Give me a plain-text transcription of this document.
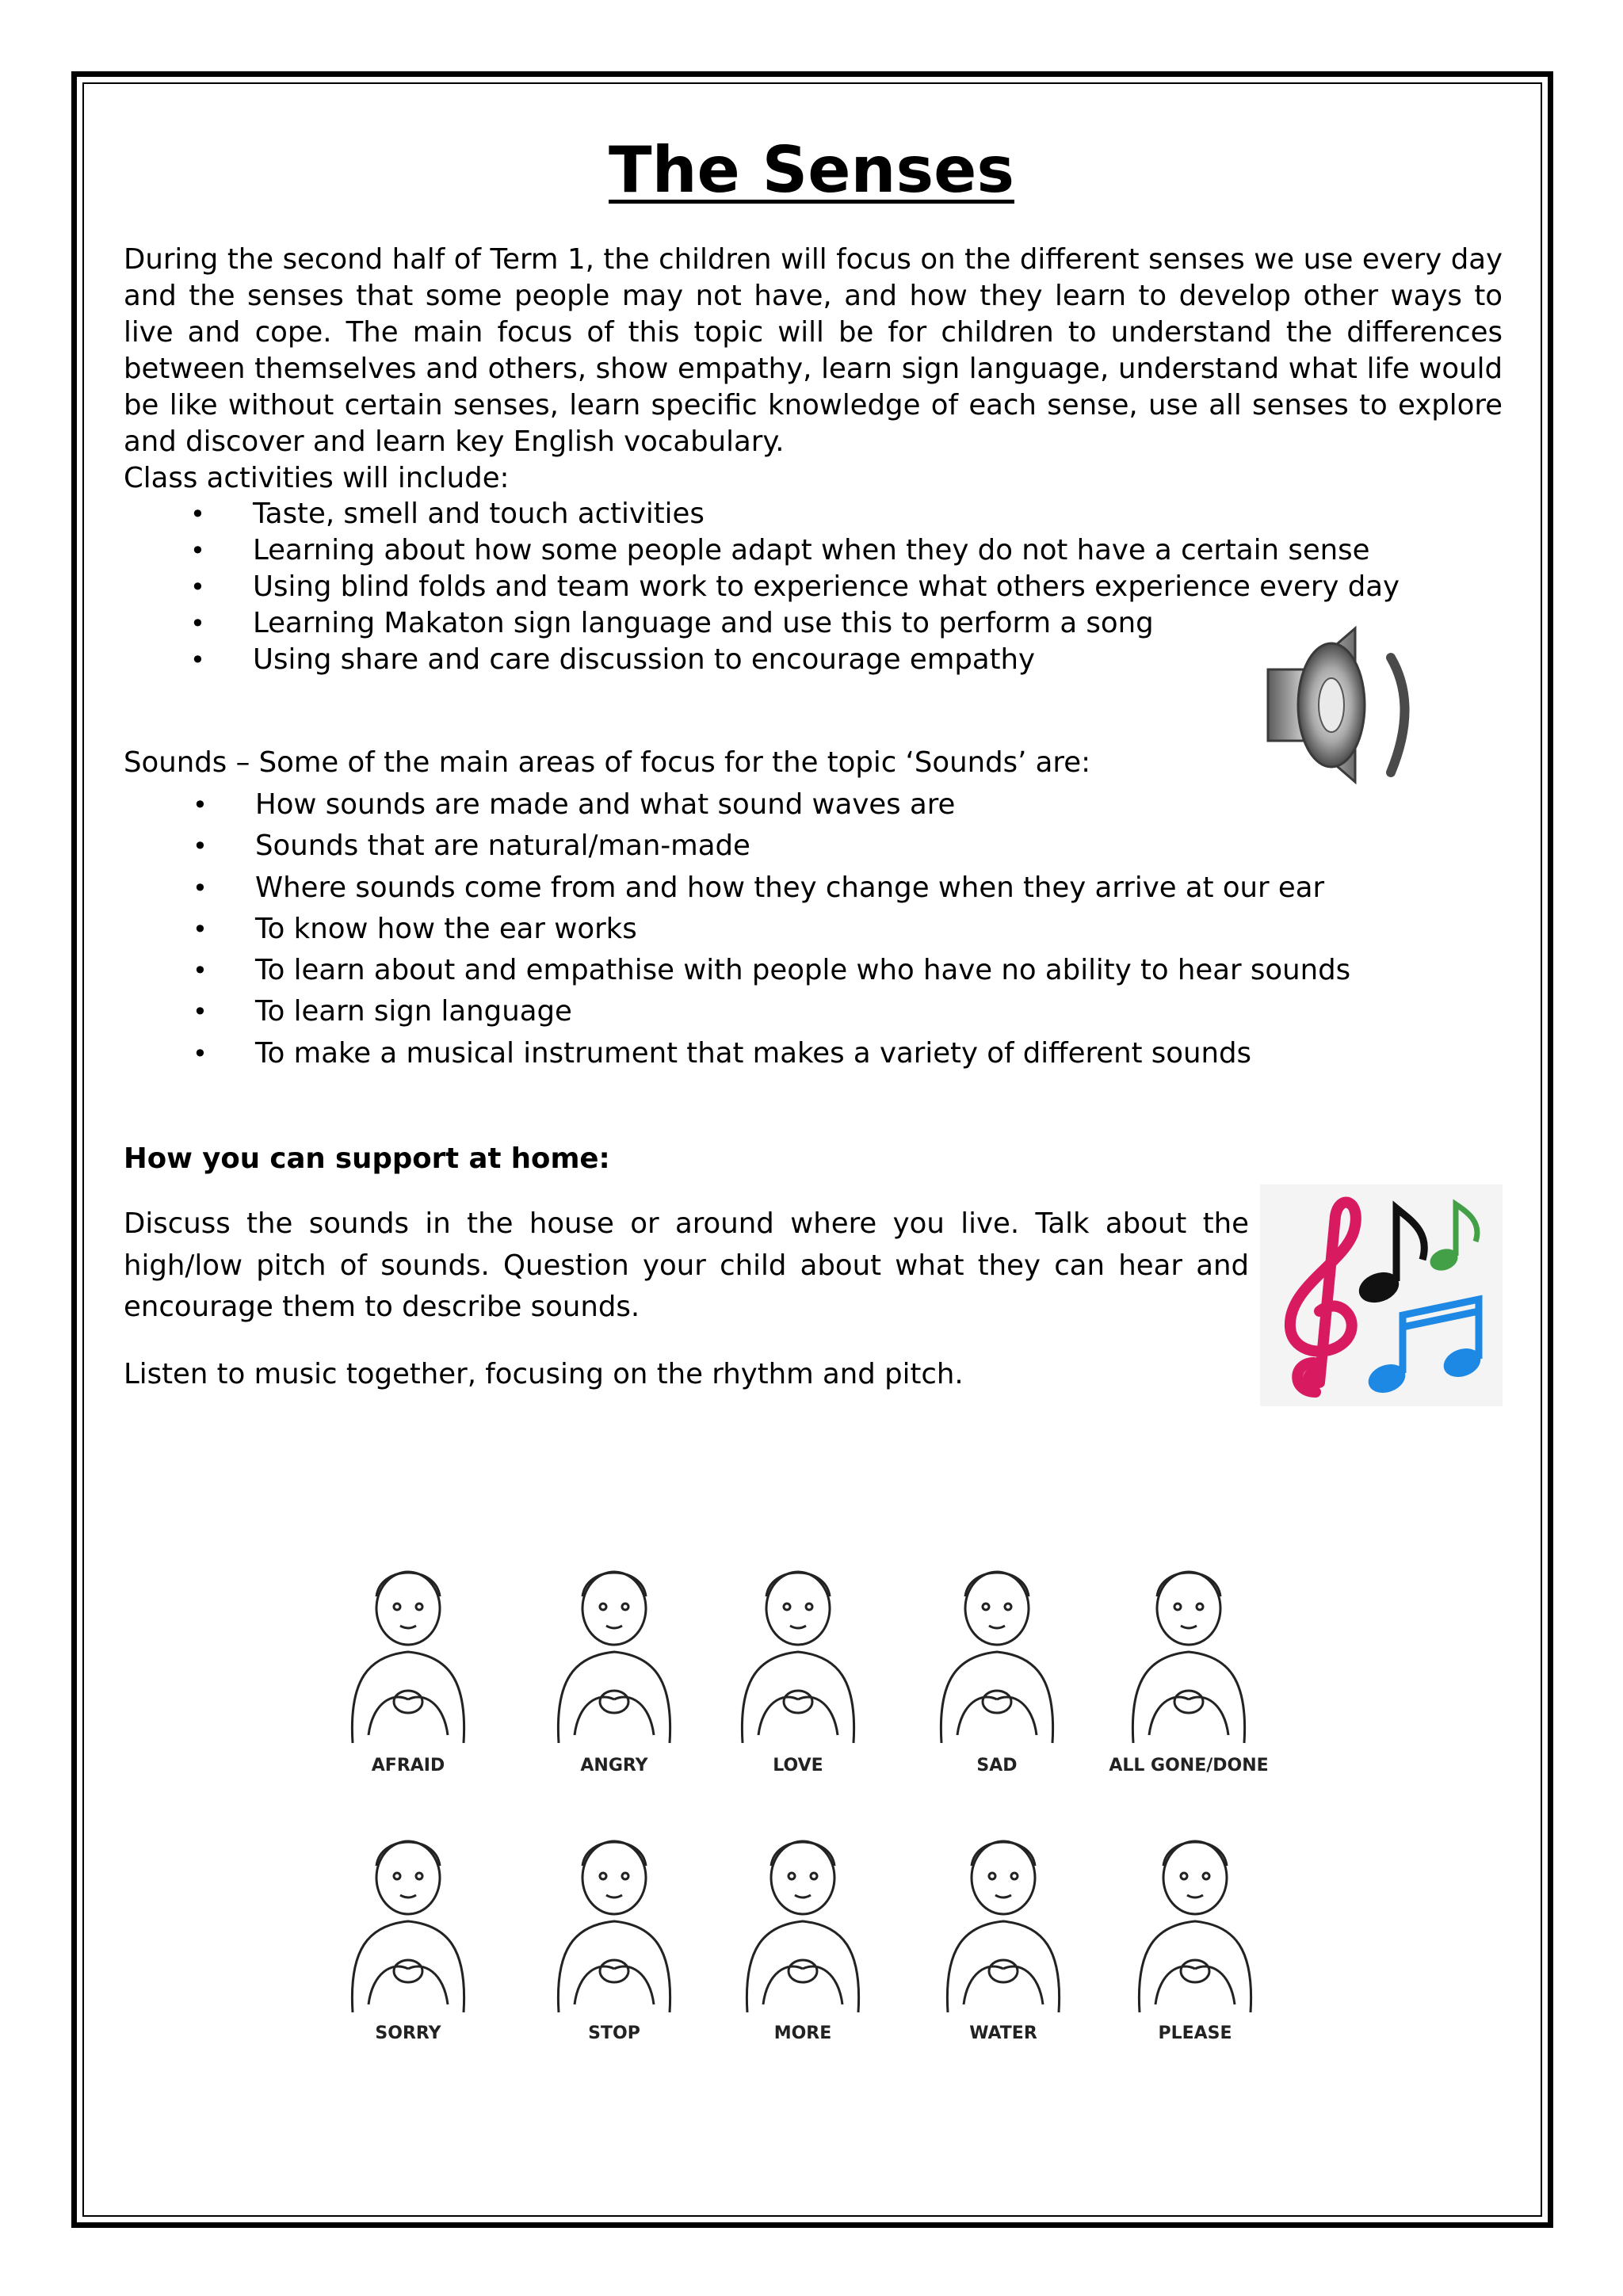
The Senses

During the second half of Term 1, the children will focus on the different senses we use every day and the senses that some people may not have, and how they learn to develop other ways to live and cope. The main focus of this topic will be for children to understand the differences between themselves and others, show empathy, learn sign language, understand what life would be like without certain senses, learn specific knowledge of each sense, use all senses to explore and discover and learn key English vocabulary.

Class activities will include:
• Taste, smell and touch activities
• Learning about how some people adapt when they do not have a certain sense
• Using blind folds and team work to experience what others experience every day
• Learning Makaton sign language and use this to perform a song
• Using share and care discussion to encourage empathy
Sounds – Some of the main areas of focus for the topic ‘Sounds’ are:
• How sounds are made and what sound waves are
• Sounds that are natural/man-made
• Where sounds come from and how they change when they arrive at our ear
• To know how the ear works
• To learn about and empathise with people who have no ability to hear sounds
• To learn sign language
• To make a musical instrument that makes a variety of different sounds
How you can support at home:

Discuss the sounds in the house or around where you live. Talk about the high/low pitch of sounds. Question your child about what they can hear and encourage them to describe sounds.

Listen to music together, focusing on the rhythm and pitch.

AFRAID	ANGRY	LOVE	SAD	ALL GONE/DONE
SORRY	STOP	MORE	WATER	PLEASE
